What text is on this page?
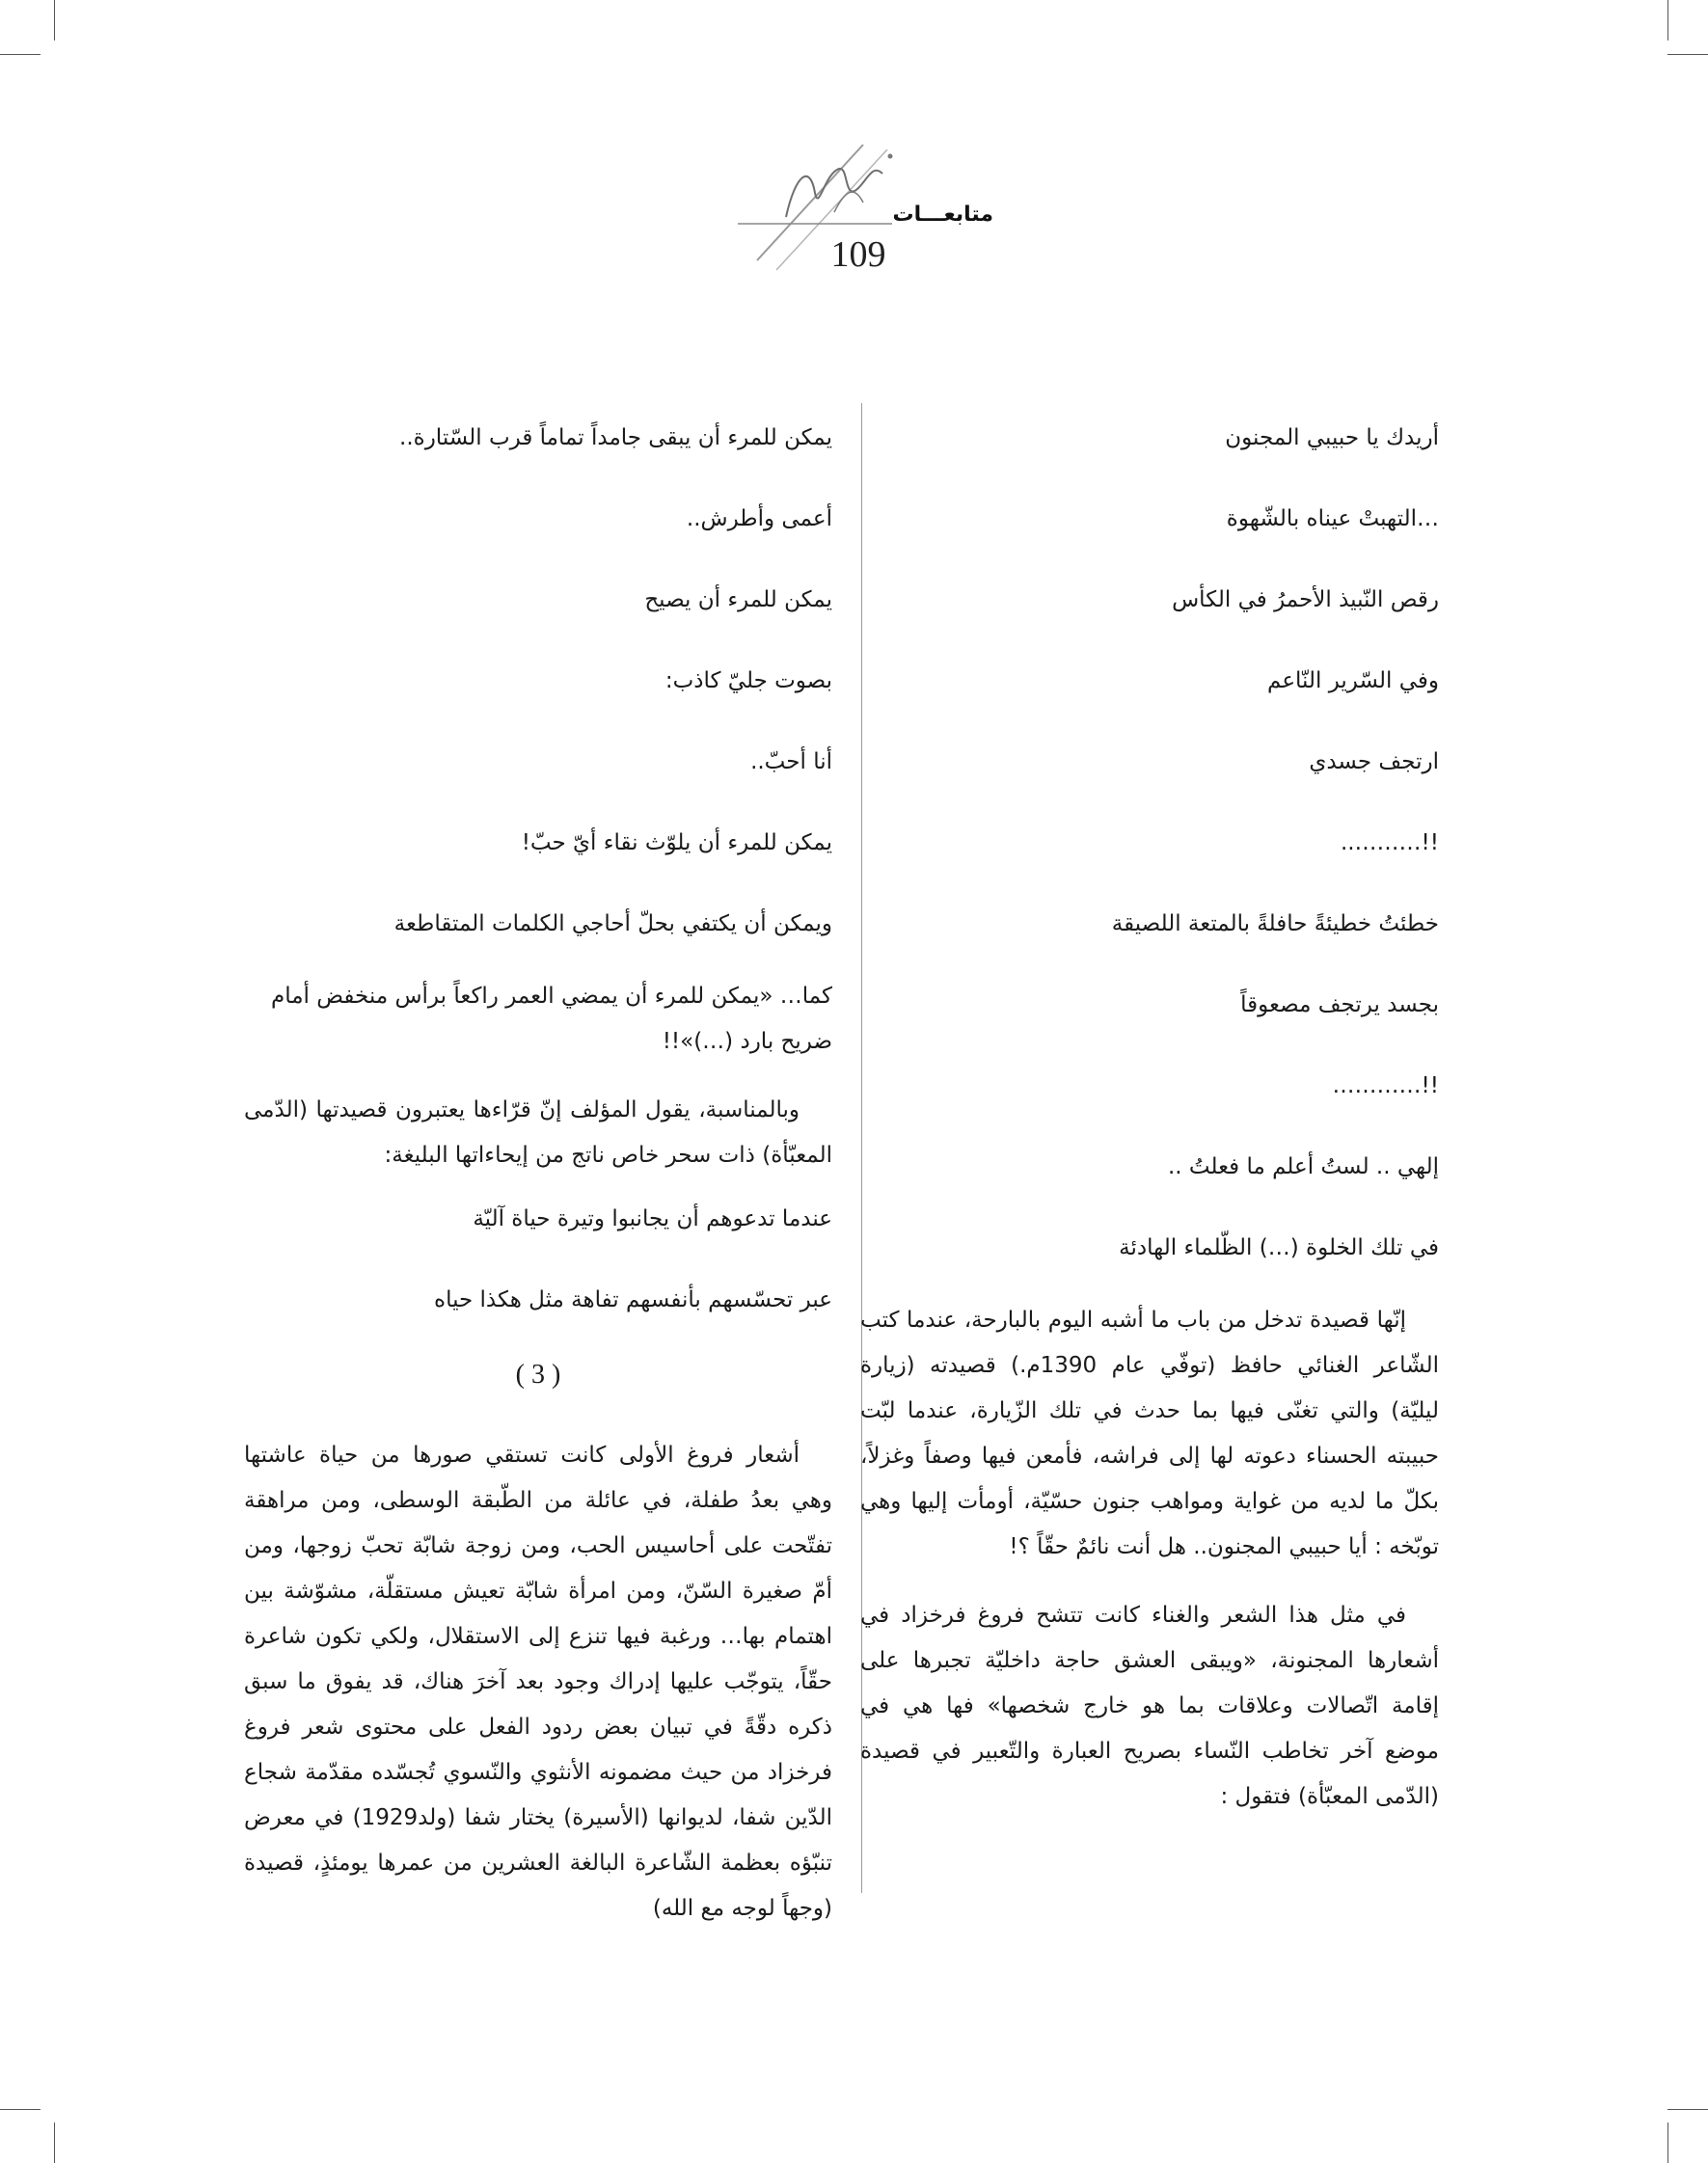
متابعـــات
109
أريدك يا حبيبي المجنون
…التهبتْ عيناه بالشّهوة
رقص النّبيذ الأحمرُ في الكأس
وفي السّرير النّاعم
ارتجف جسدي
!!………..
خطئتُ خطيئةً حافلةً بالمتعة اللصيقة
بجسد يرتجف مصعوقاً
!!…………
إلهي .. لستُ أعلم ما فعلتُ ..
في تلك الخلوة (…) الظّلماء الهادئة
إنّها قصيدة تدخل من باب ما أشبه اليوم بالبارحة، عندما كتب الشّاعر الغنائي حافظ (توفّي عام 1390م.) قصيدته (زيارة ليليّة) والتي تغنّى فيها بما حدث في تلك الزّيارة، عندما لبّت حبيبته الحسناء دعوته لها إلى فراشه، فأمعن فيها وصفاً وغزلاً، بكلّ ما لديه من غواية ومواهب جنون حسّيّة، أومأت إليها وهي توبّخه : أيا حبيبي المجنون.. هل أنت نائمٌ حقّاً ؟!
في مثل هذا الشعر والغناء كانت تتشح فروغ فرخزاد في أشعارها المجنونة، «ويبقى العشق حاجة داخليّة تجبرها على إقامة اتّصالات وعلاقات بما هو خارج شخصها» فها هي في موضع آخر تخاطب النّساء بصريح العبارة والتّعبير في قصيدة (الدّمى المعبّأة) فتقول :
يمكن للمرء أن يبقى جامداً تماماً قرب السّتارة..
أعمى وأطرش..
يمكن للمرء أن يصيح
بصوت جليّ كاذب:
أنا أحبّ..
يمكن للمرء أن يلوّث نقاء أيّ حبّ!
ويمكن أن يكتفي بحلّ أحاجي الكلمات المتقاطعة
كما… «يمكن للمرء أن يمضي العمر راكعاً برأس منخفض أمام ضريح بارد (…)»!!
وبالمناسبة، يقول المؤلف إنّ قرّاءها يعتبرون قصيدتها (الدّمى المعبّأة) ذات سحر خاص ناتج من إيحاءاتها البليغة:
عندما تدعوهم أن يجانبوا وتيرة حياة آليّة
عبر تحسّسهم بأنفسهم تفاهة مثل هكذا حياه
( 3 )
أشعار فروغ الأولى كانت تستقي صورها من حياة عاشتها وهي بعدُ طفلة، في عائلة من الطّبقة الوسطى، ومن مراهقة تفتّحت على أحاسيس الحب، ومن زوجة شابّة تحبّ زوجها، ومن أمّ صغيرة السّنّ، ومن امرأة شابّة تعيش مستقلّة، مشوّشة بين اهتمام بها… ورغبة فيها تنزع إلى الاستقلال، ولكي تكون شاعرة حقّاً، يتوجّب عليها إدراك وجود بعد آخرَ هناك، قد يفوق ما سبق ذكره دقّةً في تبيان بعض ردود الفعل على محتوى شعر فروغ فرخزاد من حيث مضمونه الأنثوي والنّسوي تُجسّده مقدّمة شجاع الدّين شفا، لديوانها (الأسيرة) يختار شفا (ولد1929) في معرض تنبّؤه بعظمة الشّاعرة البالغة العشرين من عمرها يومئذٍ، قصيدة (وجهاً لوجه مع الله)
